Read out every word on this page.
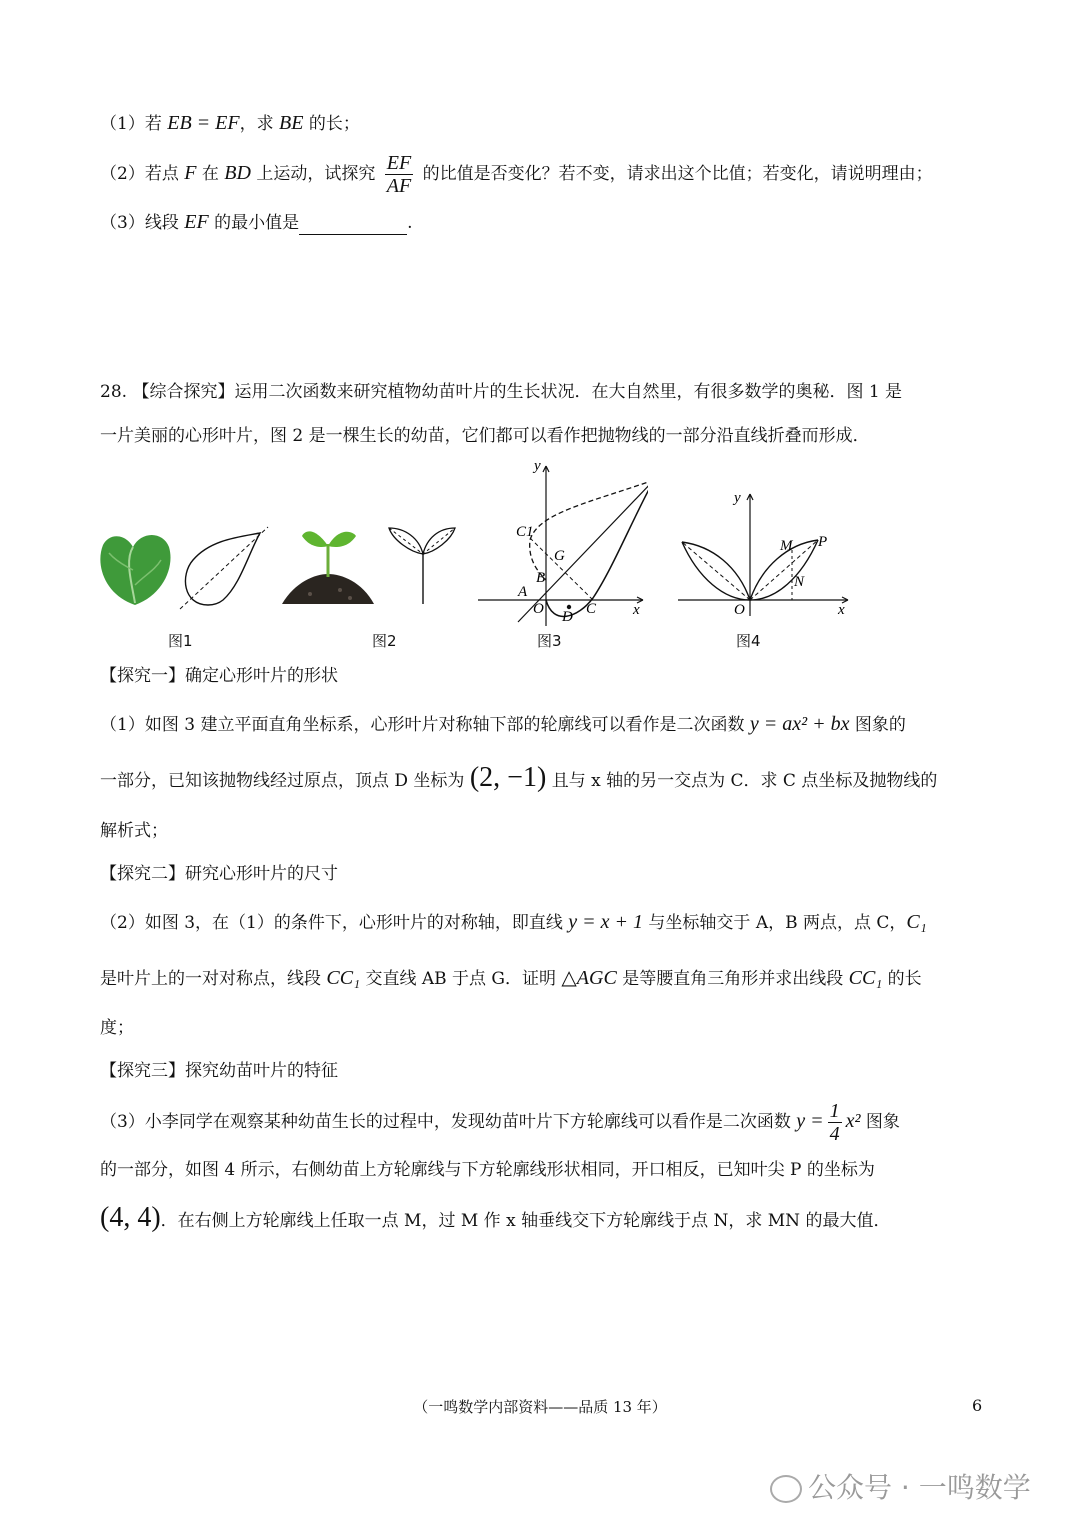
（1）若 EB = EF，求 BE 的长；
（2）若点 F 在 BD 上运动，试探究 $\frac{EF}{AF}$ 的比值是否变化？若不变，请求出这个比值；若变化，请说明理由；
（3）线段 EF 的最小值是	.
28. 【综合探究】运用二次函数来研究植物幼苗叶片的生长状况．在大自然里，有很多数学的奥秘．图 1 是
一片美丽的心形叶片，图 2 是一棵生长的幼苗，它们都可以看作把抛物线的一部分沿直线折叠而形成．
图1	图2
y
x
C1
G
B
A
O D C
图3
y
x
O
M P
N
图4
【探究一】确定心形叶片的形状
（1）如图 3 建立平面直角坐标系，心形叶片对称轴下部的轮廓线可以看作是二次函数 y = ax² + bx 图象的
一部分，已知该抛物线经过原点，顶点 D 坐标为 (2, −1) 且与 x 轴的另一交点为 C．求 C 点坐标及抛物线的
解析式；
【探究二】研究心形叶片的尺寸
（2）如图 3，在（1）的条件下，心形叶片的对称轴，即直线 y = x + 1 与坐标轴交于 A，B 两点，点 C，C₁
是叶片上的一对对称点，线段 CC₁ 交直线 AB 于点 G．证明 △AGC 是等腰直角三角形并求出线段 CC₁ 的长
度；
【探究三】探究幼苗叶片的特征
（3）小李同学在观察某种幼苗生长的过程中，发现幼苗叶片下方轮廓线可以看作是二次函数 $y = \frac{1}{4} x^2$ 图象
的一部分，如图 4 所示，右侧幼苗上方轮廓线与下方轮廓线形状相同，开口相反，已知叶尖 P 的坐标为
(4, 4)．在右侧上方轮廓线上任取一点 M，过 M 作 x 轴垂线交下方轮廓线于点 N，求 MN 的最大值．
（一鸣数学内部资料——品质 13 年）	6
公众号 · 一鸣数学
